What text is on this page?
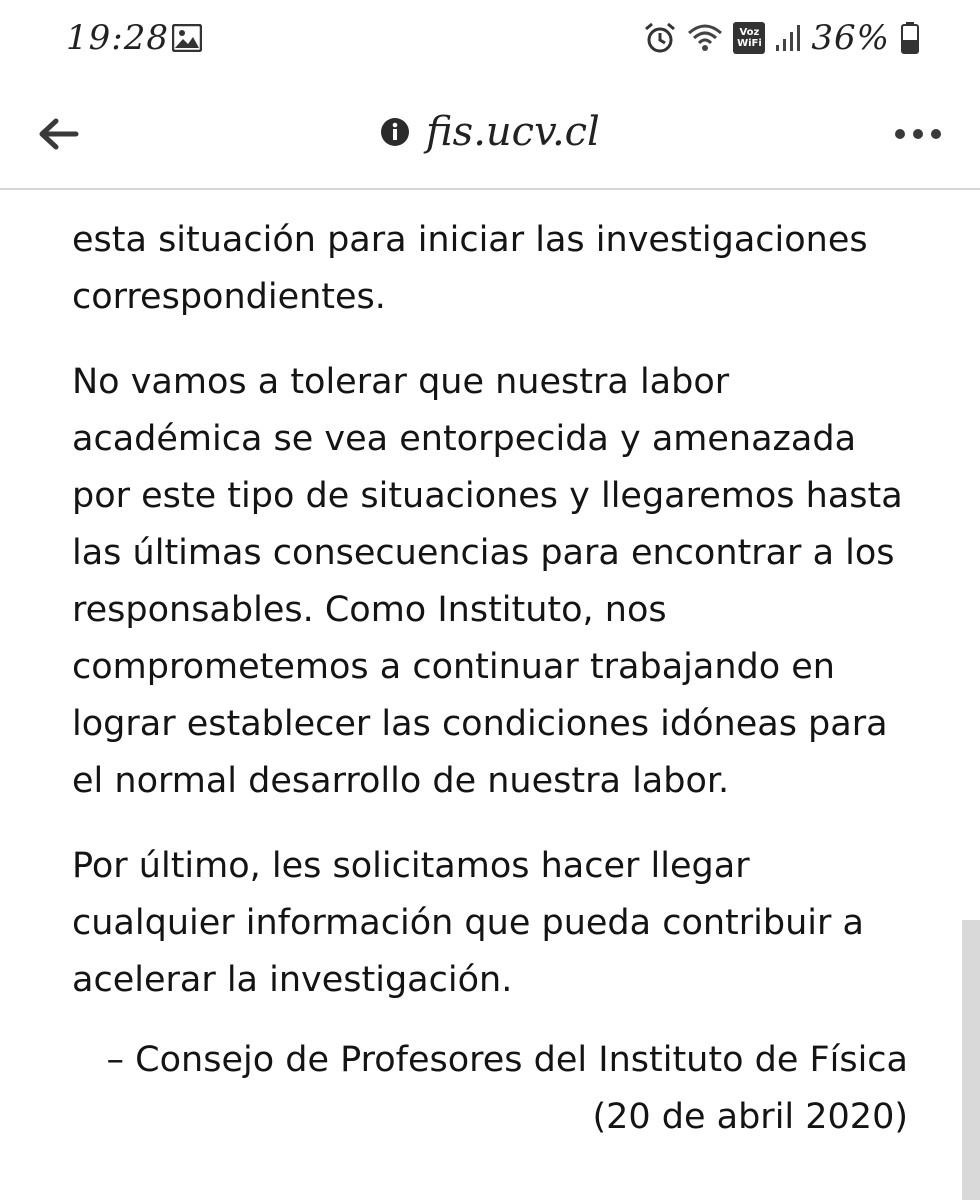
esta situación para iniciar las investigaciones correspondientes.

No vamos a tolerar que nuestra labor académica se vea entorpecida y amenazada por este tipo de situaciones y llegaremos hasta las últimas consecuencias para encontrar a los responsables. Como Instituto, nos comprometemos a continuar trabajando en lograr establecer las condiciones idóneas para el normal desarrollo de nuestra labor.

Por último, les solicitamos hacer llegar cualquier información que pueda contribuir a acelerar la investigación.

– Consejo de Profesores del Instituto de Física
(20 de abril 2020)
19:28	Voz
WiFi 36%
fis.ucv.cl
